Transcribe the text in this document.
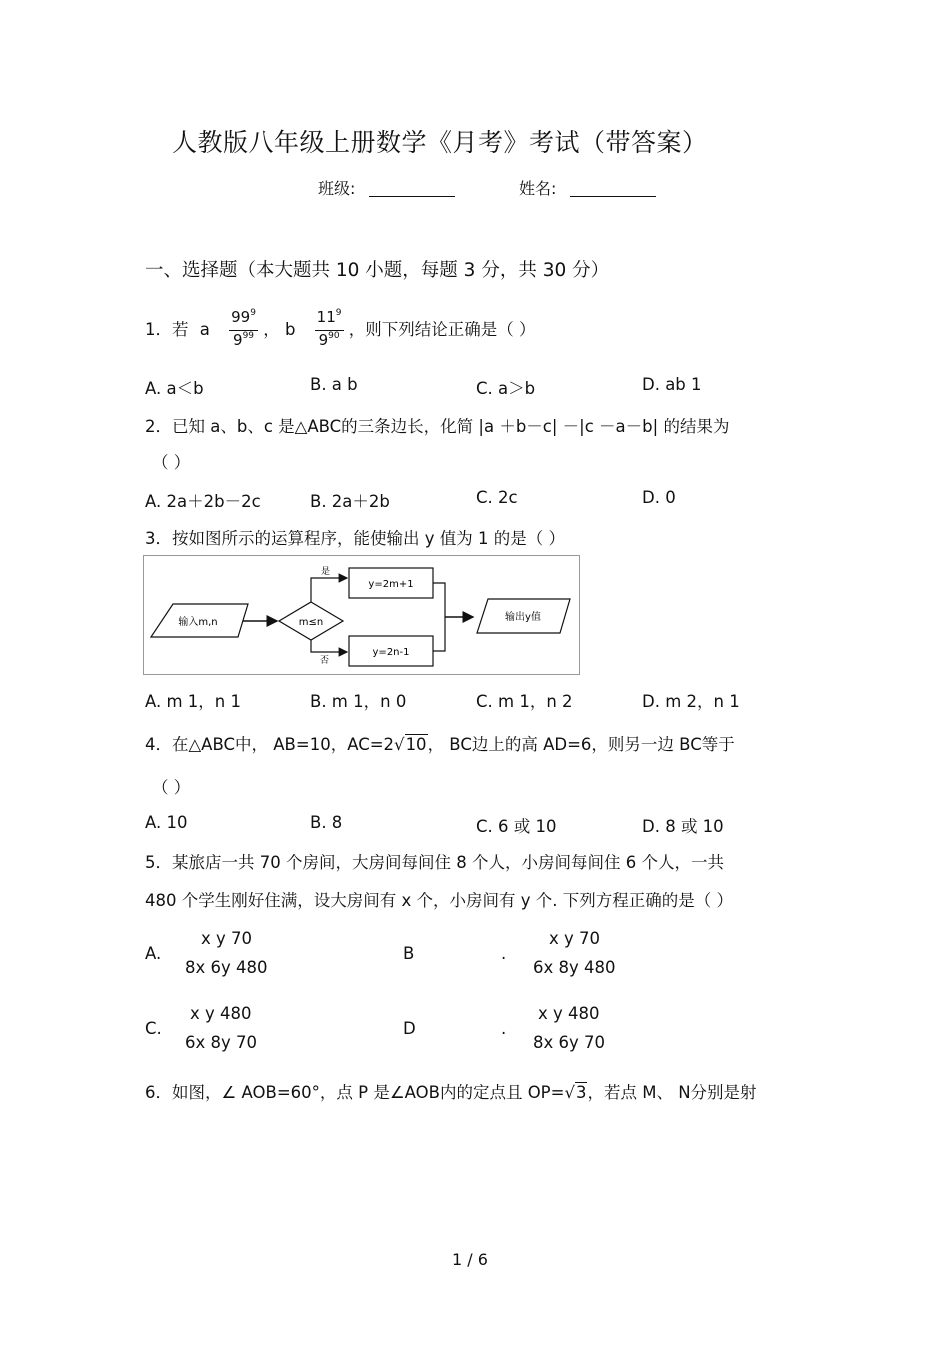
人教版八年级上册数学《月考》考试（带答案）
班级:	姓名:
一、选择题（本大题共 10 小题，每题 3 分，共 30 分）
1．若 a $\frac{99^9}{9^{99}}$ ， b $\frac{11^9}{9^{90}}$ ，则下列结论正确是（ ）
A. a＜b	B. a b	C. a＞b	D. ab 1
2．已知 a、b、c 是△ABC的三条边长，化简 |a ＋b－c| －|c －a－b| 的结果为
（ ）
A. 2a＋2b－2c	B. 2a＋2b	C. 2c	D. 0
3．按如图所示的运算程序，能使输出 y 值为 1 的是（ ）
输入m,n	m≤n
是
y=2m+1
否
y=2n-1
输出y值
A. m 1，n 1	B. m 1，n 0	C. m 1，n 2	D. m 2，n 1
4．在△ABC中， AB=10，AC=2√10， BC边上的高 AD=6，则另一边 BC等于
（ ）
A. 10	B. 8	C. 6 或 10	D. 8 或 10
5．某旅店一共 70 个房间，大房间每间住 8 个人，小房间每间住 6 个人，一共
480 个学生刚好住满，设大房间有 x 个，小房间有 y 个. 下列方程正确的是（ ）
A.
x y 70
8x 6y 480
B	.
x y 70
6x 8y 480
C.
x y 480
6x 8y 70
D	.
x y 480
8x 6y 70
6．如图，∠ AOB=60°，点 P 是∠AOB内的定点且 OP=√3，若点 M、 N分别是射
1 / 6
